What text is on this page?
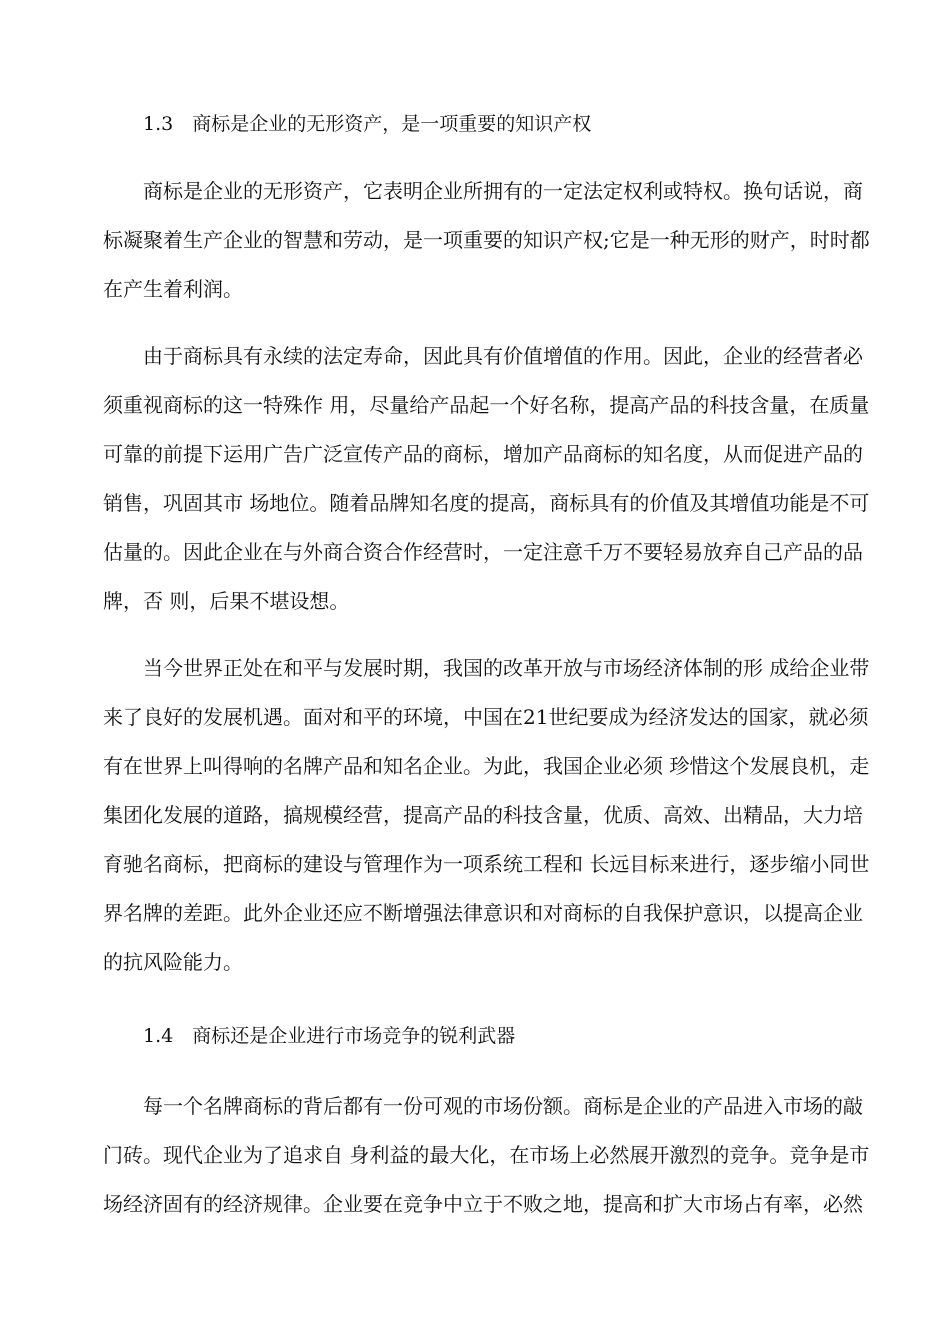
1.3　商标是企业的无形资产，是一项重要的知识产权
商标是企业的无形资产，它表明企业所拥有的一定法定权利或特权。换句话说，商
标凝聚着生产企业的智慧和劳动，是一项重要的知识产权;它是一种无形的财产，时时都
在产生着利润。
由于商标具有永续的法定寿命，因此具有价值增值的作用。因此，企业的经营者必
须重视商标的这一特殊作 用，尽量给产品起一个好名称，提高产品的科技含量，在质量
可靠的前提下运用广告广泛宣传产品的商标，增加产品商标的知名度，从而促进产品的
销售，巩固其市 场地位。随着品牌知名度的提高，商标具有的价值及其增值功能是不可
估量的。因此企业在与外商合资合作经营时，一定注意千万不要轻易放弃自己产品的品
牌，否 则，后果不堪设想。
当今世界正处在和平与发展时期，我国的改革开放与市场经济体制的形 成给企业带
来了良好的发展机遇。面对和平的环境，中国在21世纪要成为经济发达的国家，就必须
有在世界上叫得响的名牌产品和知名企业。为此，我国企业必须 珍惜这个发展良机，走
集团化发展的道路，搞规模经营，提高产品的科技含量，优质、高效、出精品，大力培
育驰名商标，把商标的建设与管理作为一项系统工程和 长远目标来进行，逐步缩小同世
界名牌的差距。此外企业还应不断增强法律意识和对商标的自我保护意识，以提高企业
的抗风险能力。
1.4　商标还是企业进行市场竞争的锐利武器
每一个名牌商标的背后都有一份可观的市场份额。商标是企业的产品进入市场的敲
门砖。现代企业为了追求自 身利益的最大化，在市场上必然展开激烈的竞争。竞争是市
场经济固有的经济规律。企业要在竞争中立于不败之地，提高和扩大市场占有率，必然
